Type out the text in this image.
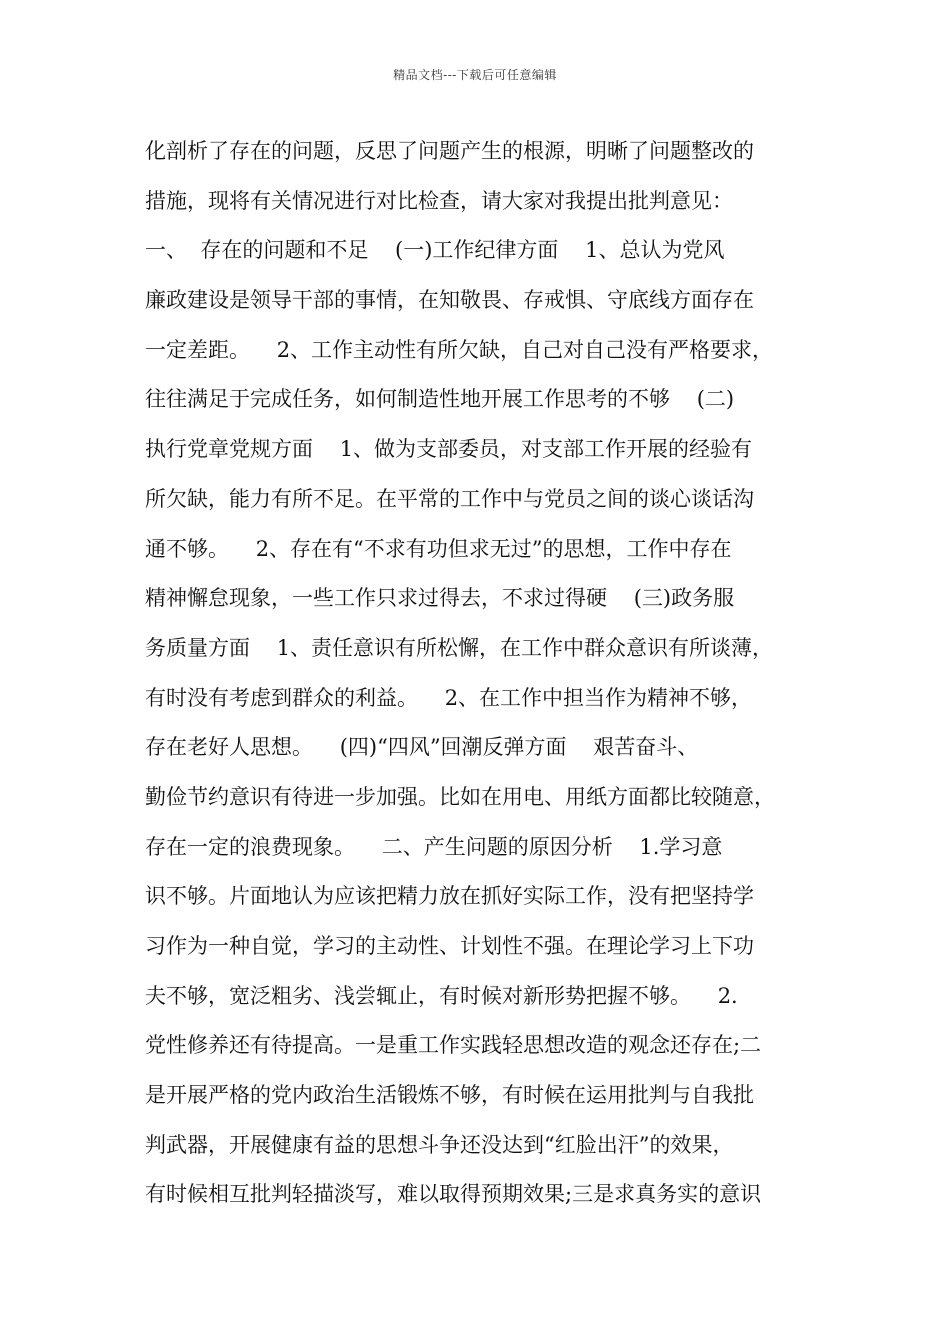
精品文档---下载后可任意编辑
化剖析了存在的问题，反思了问题产生的根源，明晰了问题整改的
措施，现将有关情况进行对比检查，请大家对我提出批判意见：
一、  存在的问题和不足    (一)工作纪律方面    1、总认为党风
廉政建设是领导干部的事情，在知敬畏、存戒惧、守底线方面存在
一定差距。    2、工作主动性有所欠缺，自己对自己没有严格要求，
往往满足于完成任务，如何制造性地开展工作思考的不够    (二)
执行党章党规方面    1、做为支部委员，对支部工作开展的经验有
所欠缺，能力有所不足。在平常的工作中与党员之间的谈心谈话沟
通不够。    2、存在有“不求有功但求无过”的思想，工作中存在
精神懈怠现象，一些工作只求过得去，不求过得硬    (三)政务服
务质量方面    1、责任意识有所松懈，在工作中群众意识有所谈薄，
有时没有考虑到群众的利益。    2、在工作中担当作为精神不够，
存在老好人思想。    (四)“四风”回潮反弹方面    艰苦奋斗、
勤俭节约意识有待进一步加强。比如在用电、用纸方面都比较随意，
存在一定的浪费现象。    二、产生问题的原因分析    1.学习意
识不够。片面地认为应该把精力放在抓好实际工作，没有把坚持学
习作为一种自觉，学习的主动性、计划性不强。在理论学习上下功
夫不够，宽泛粗劣、浅尝辄止，有时候对新形势把握不够。    2.
党性修养还有待提高。一是重工作实践轻思想改造的观念还存在;二
是开展严格的党内政治生活锻炼不够，有时候在运用批判与自我批
判武器，开展健康有益的思想斗争还没达到“红脸出汗”的效果，
有时候相互批判轻描淡写，难以取得预期效果;三是求真务实的意识
